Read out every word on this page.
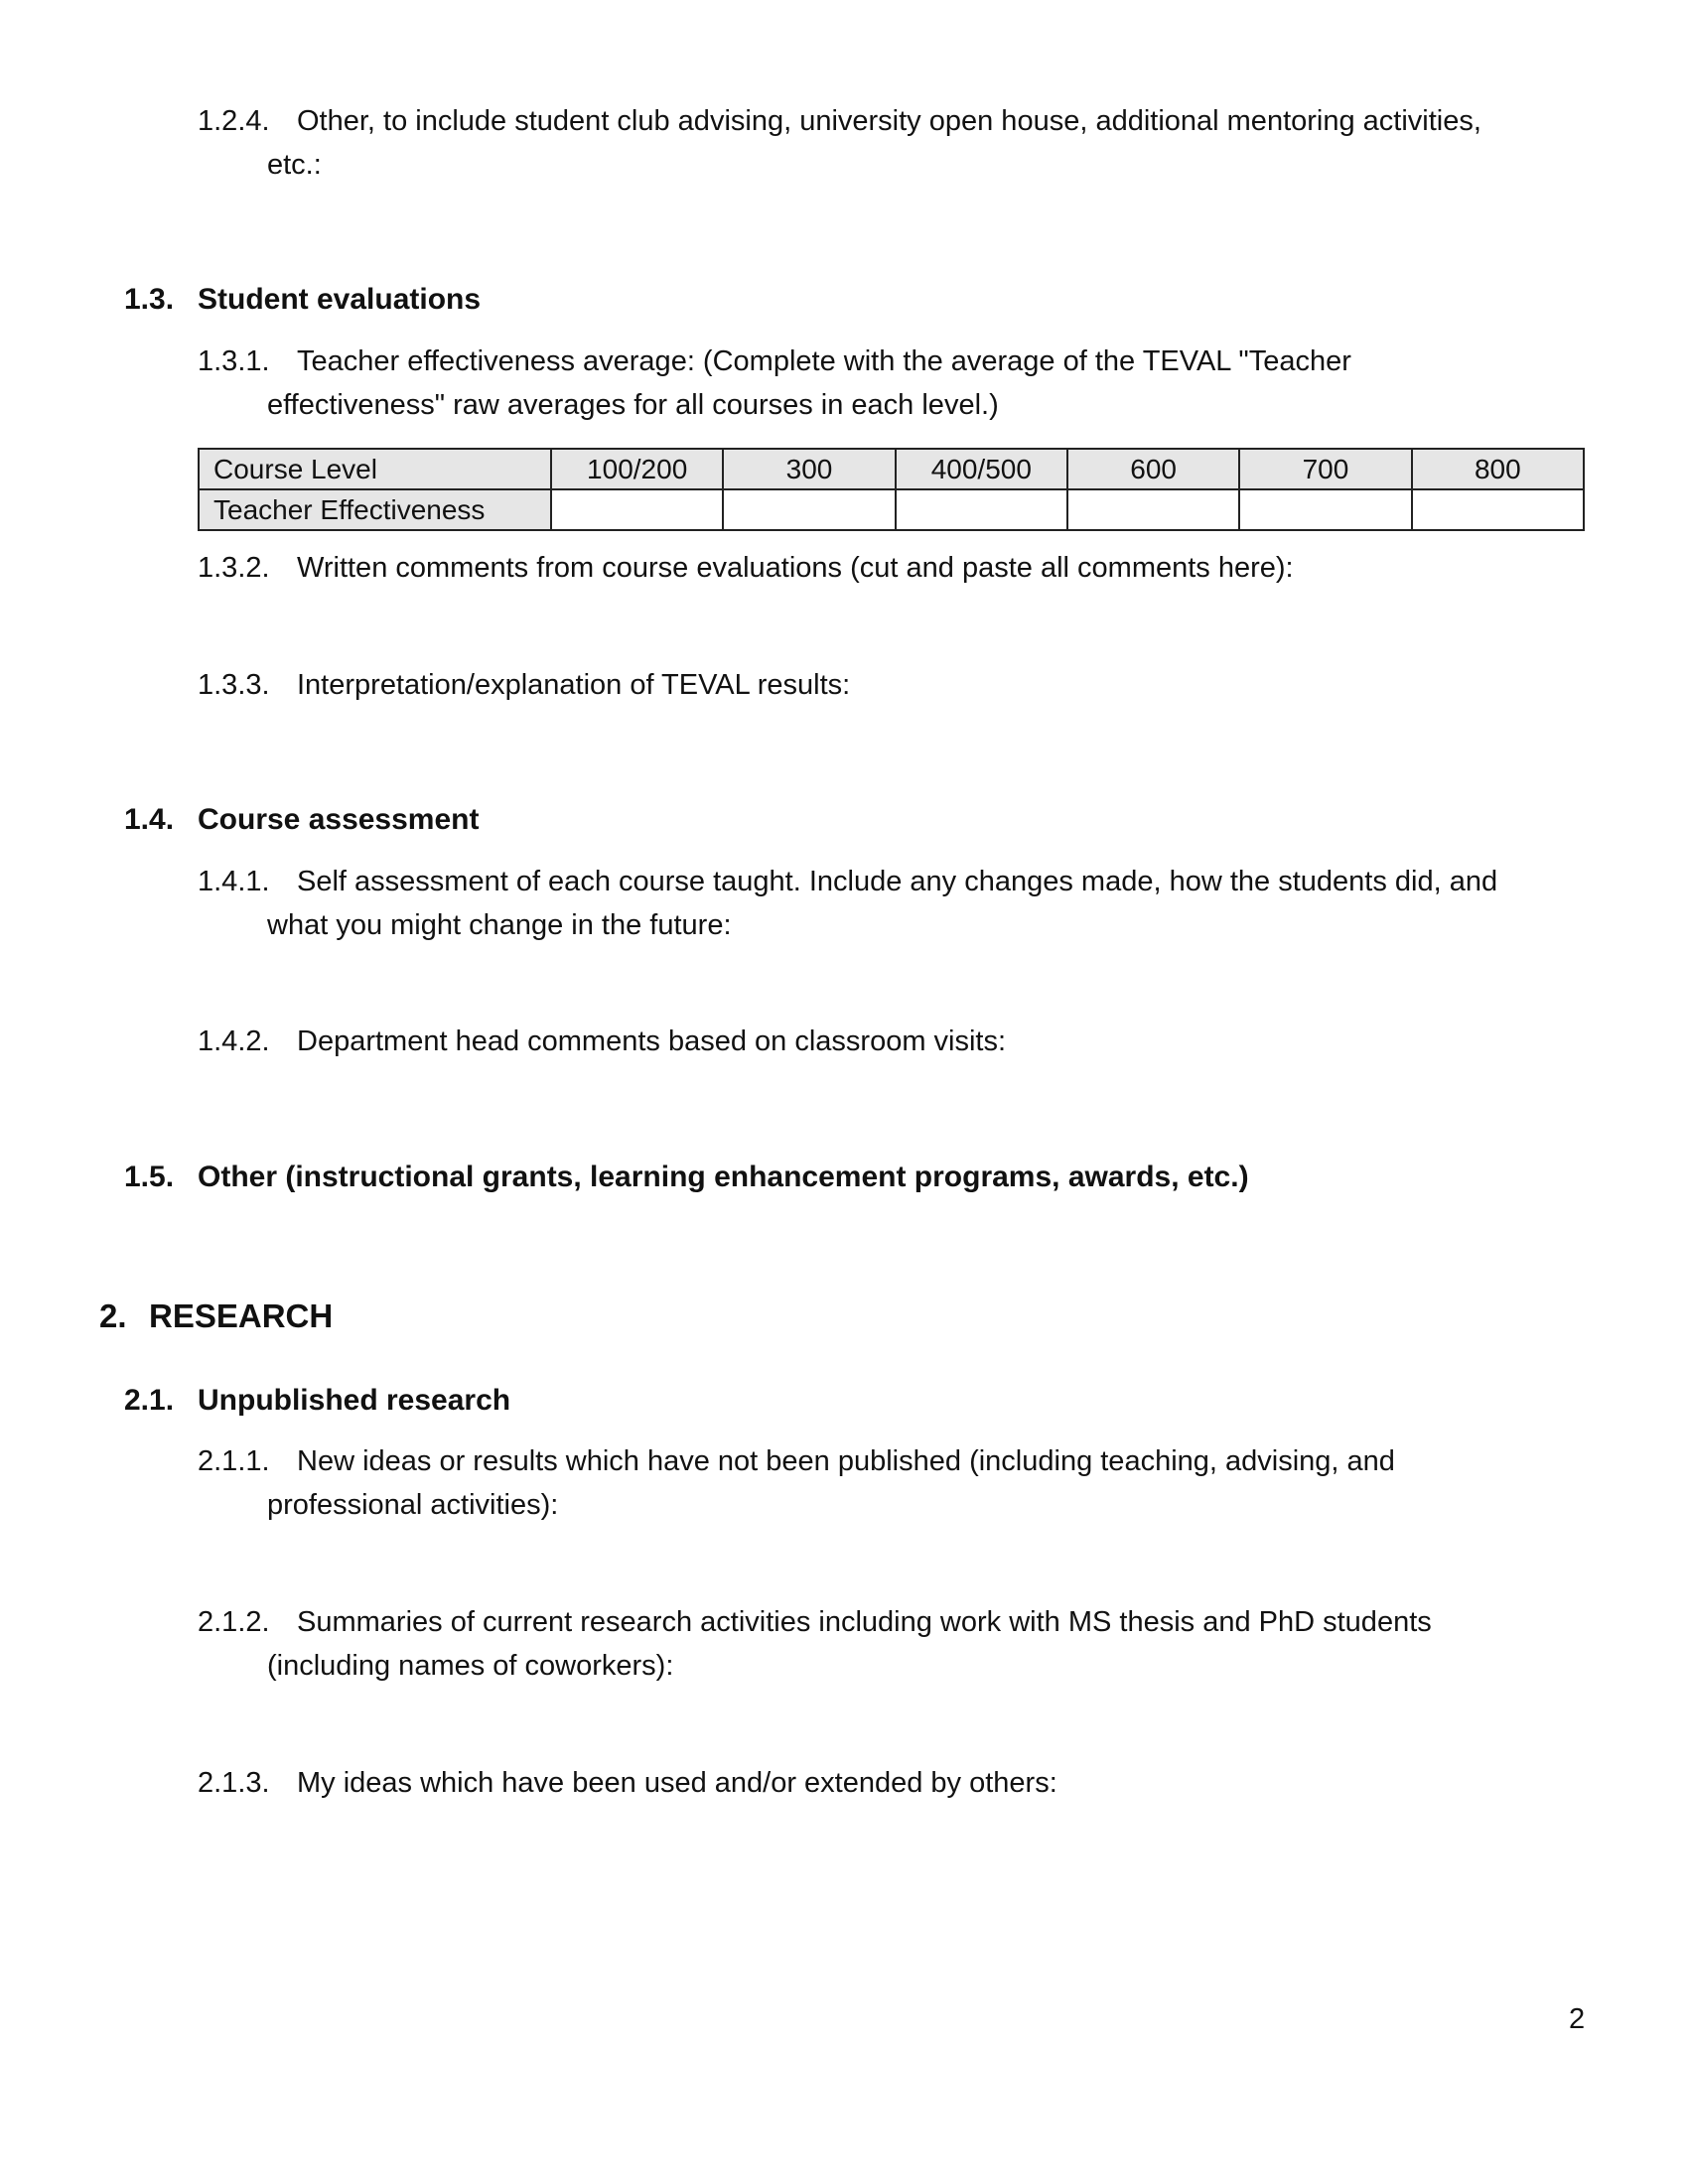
1.2.4. Other, to include student club advising, university open house, additional mentoring activities,
etc.:
1.3. Student evaluations
1.3.1. Teacher effectiveness average: (Complete with the average of the TEVAL "Teacher
effectiveness" raw averages for all courses in each level.)
Course Level	100/200	300	400/500	600	700	800
Teacher Effectiveness						
1.3.2. Written comments from course evaluations (cut and paste all comments here):
1.3.3. Interpretation/explanation of TEVAL results:
1.4. Course assessment
1.4.1. Self assessment of each course taught. Include any changes made, how the students did, and
what you might change in the future:
1.4.2. Department head comments based on classroom visits:
1.5. Other (instructional grants, learning enhancement programs, awards, etc.)
2. RESEARCH
2.1. Unpublished research
2.1.1. New ideas or results which have not been published (including teaching, advising, and
professional activities):
2.1.2. Summaries of current research activities including work with MS thesis and PhD students
(including names of coworkers):
2.1.3. My ideas which have been used and/or extended by others:
2
